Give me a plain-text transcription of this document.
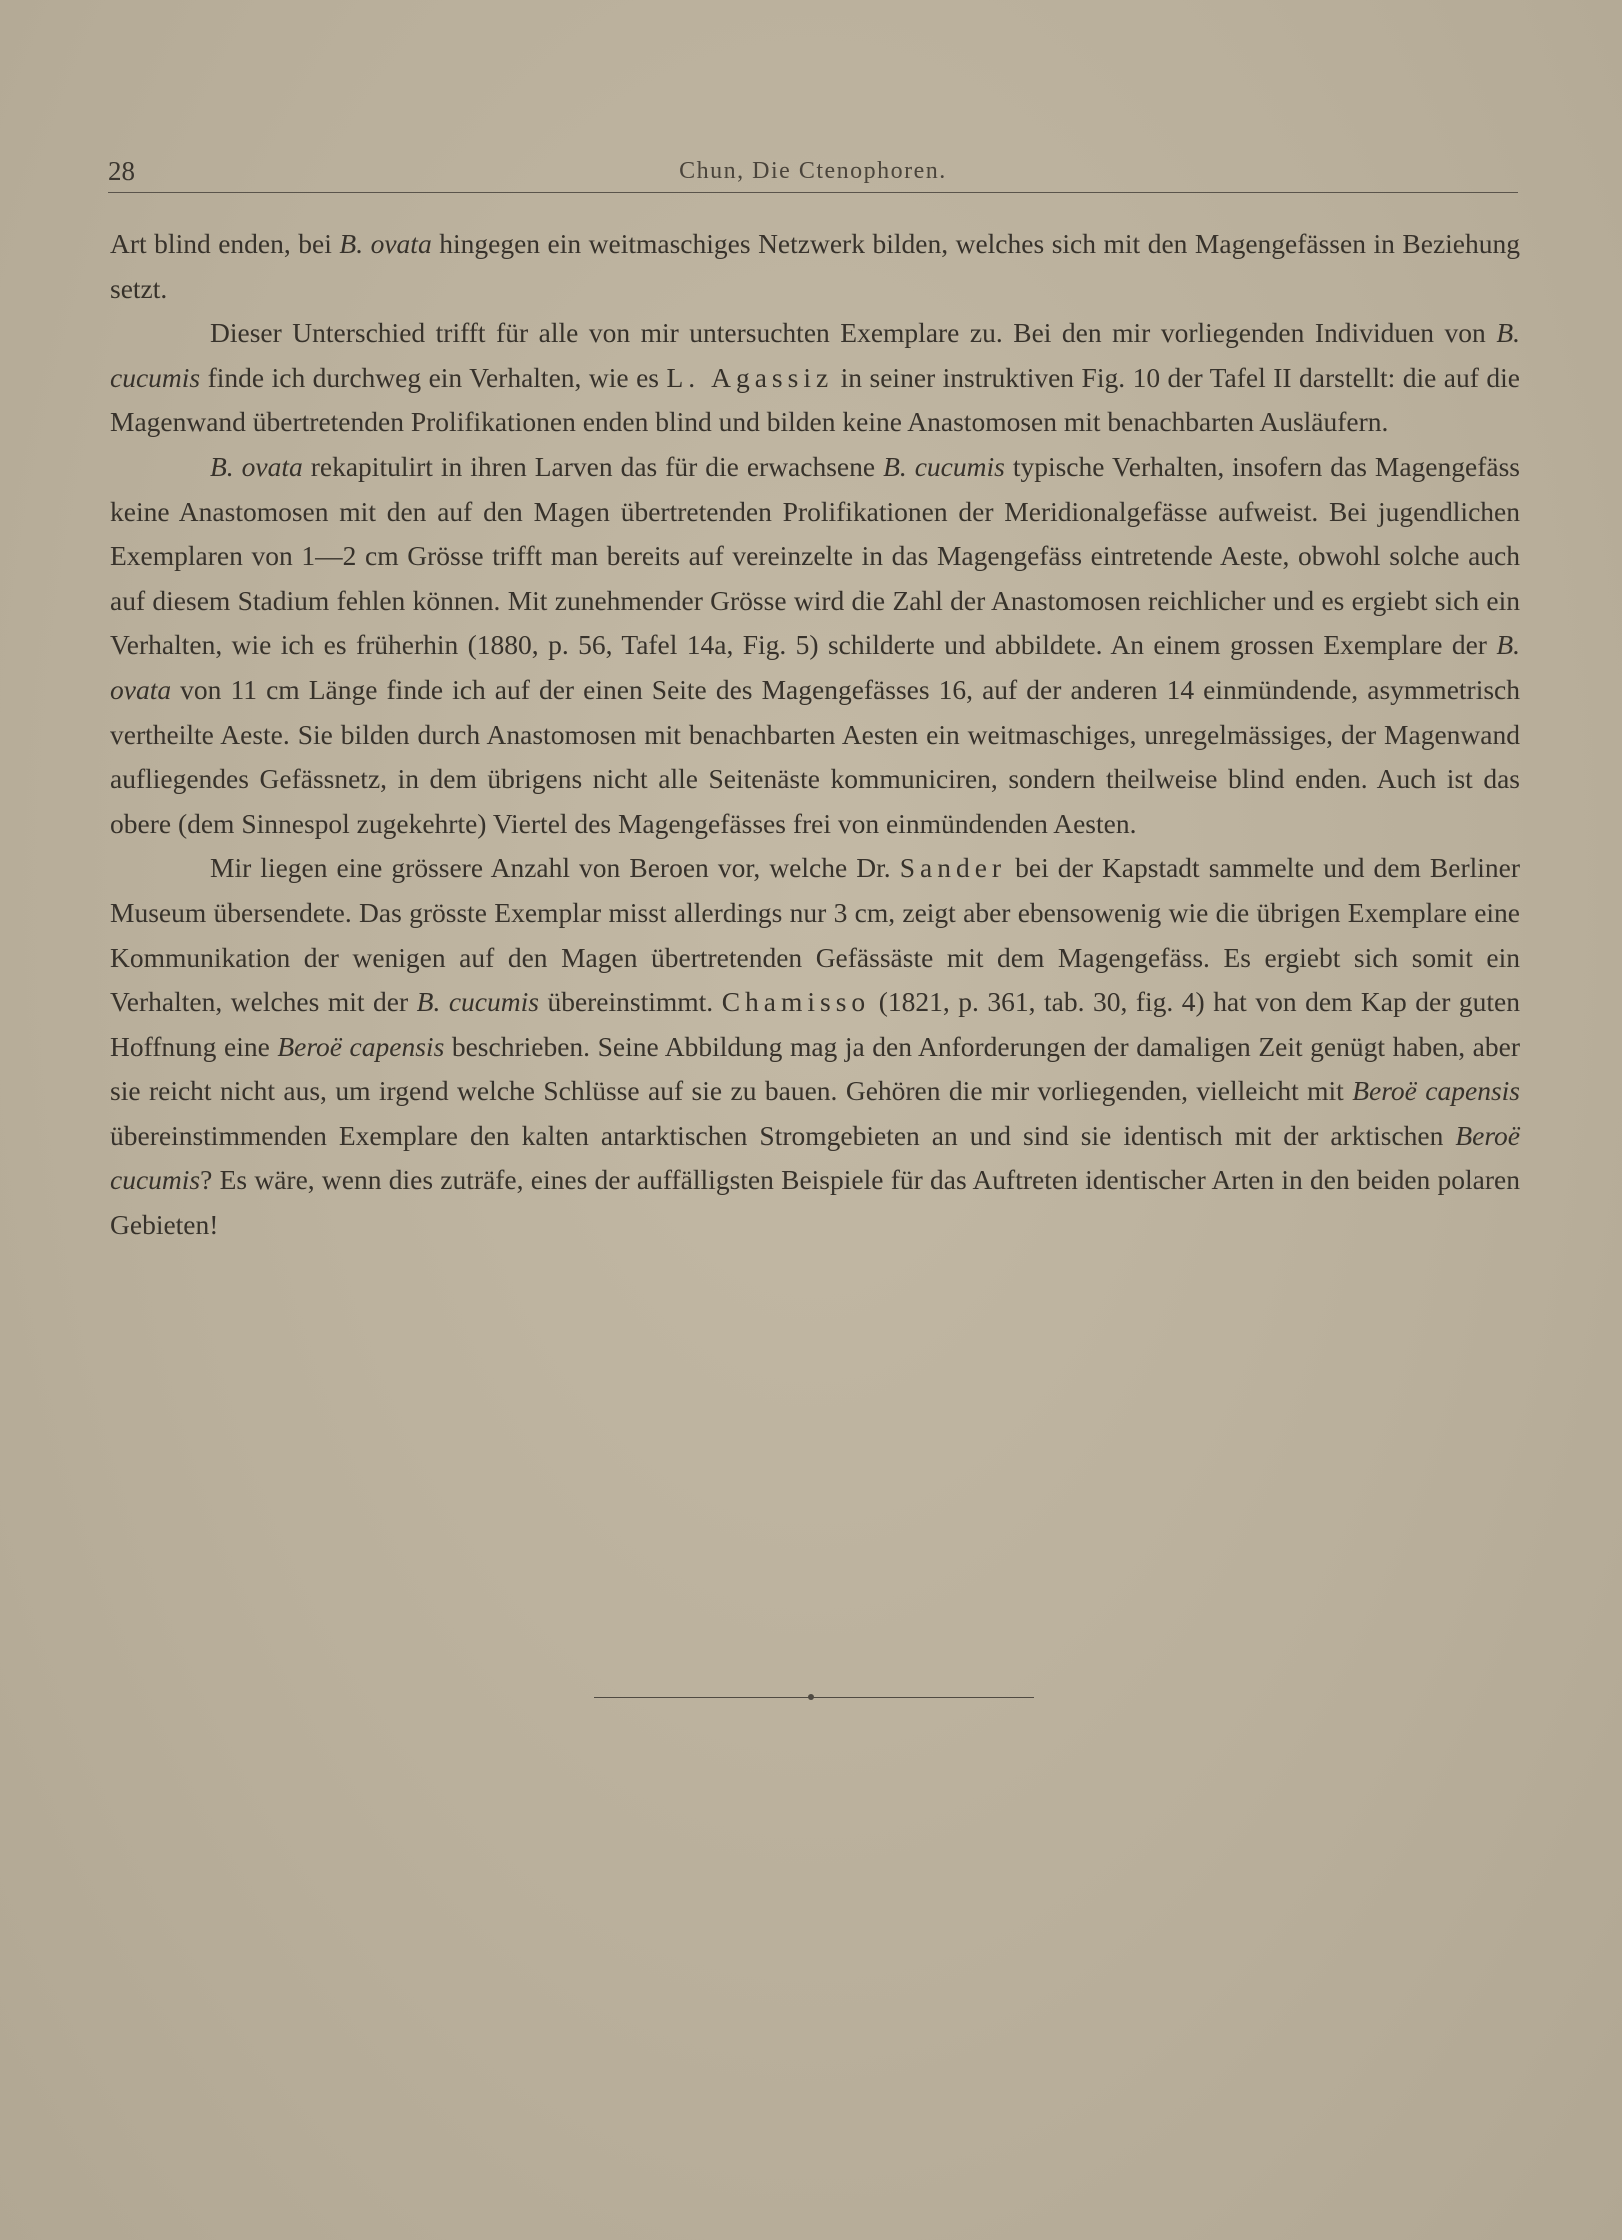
28	Chun, Die Ctenophoren.

Art blind enden, bei B. ovata hingegen ein weitmaschiges Netzwerk bilden, welches sich mit den Magengefässen in Beziehung setzt.

Dieser Unterschied trifft für alle von mir untersuchten Exemplare zu. Bei den mir vorliegenden Individuen von B. cucumis finde ich durchweg ein Verhalten, wie es L. Agassiz in seiner instruktiven Fig. 10 der Tafel II darstellt: die auf die Magenwand übertretenden Prolifikationen enden blind und bilden keine Anastomosen mit benachbarten Ausläufern.

B. ovata rekapitulirt in ihren Larven das für die erwachsene B. cucumis typische Verhalten, insofern das Magengefäss keine Anastomosen mit den auf den Magen übertretenden Prolifikationen der Meridionalgefässe aufweist. Bei jugendlichen Exemplaren von 1—2 cm Grösse trifft man bereits auf vereinzelte in das Magengefäss eintretende Aeste, obwohl solche auch auf diesem Stadium fehlen können. Mit zunehmender Grösse wird die Zahl der Anastomosen reichlicher und es ergiebt sich ein Verhalten, wie ich es früherhin (1880, p. 56, Tafel 14a, Fig. 5) schilderte und abbildete. An einem grossen Exemplare der B. ovata von 11 cm Länge finde ich auf der einen Seite des Magengefässes 16, auf der anderen 14 einmündende, asymmetrisch vertheilte Aeste. Sie bilden durch Anastomosen mit benachbarten Aesten ein weitmaschiges, unregelmässiges, der Magenwand aufliegendes Gefässnetz, in dem übrigens nicht alle Seitenäste kommuniciren, sondern theilweise blind enden. Auch ist das obere (dem Sinnespol zugekehrte) Viertel des Magengefässes frei von einmündenden Aesten.

Mir liegen eine grössere Anzahl von Beroen vor, welche Dr. Sander bei der Kapstadt sammelte und dem Berliner Museum übersendete. Das grösste Exemplar misst allerdings nur 3 cm, zeigt aber ebensowenig wie die übrigen Exemplare eine Kommunikation der wenigen auf den Magen übertretenden Gefässäste mit dem Magengefäss. Es ergiebt sich somit ein Verhalten, welches mit der B. cucumis übereinstimmt. Chamisso (1821, p. 361, tab. 30, fig. 4) hat von dem Kap der guten Hoffnung eine Beroë capensis beschrieben. Seine Abbildung mag ja den Anforderungen der damaligen Zeit genügt haben, aber sie reicht nicht aus, um irgend welche Schlüsse auf sie zu bauen. Gehören die mir vorliegenden, vielleicht mit Beroë capensis übereinstimmenden Exemplare den kalten antarktischen Stromgebieten an und sind sie identisch mit der arktischen Beroë cucumis? Es wäre, wenn dies zuträfe, eines der auffälligsten Beispiele für das Auftreten identischer Arten in den beiden polaren Gebieten!
